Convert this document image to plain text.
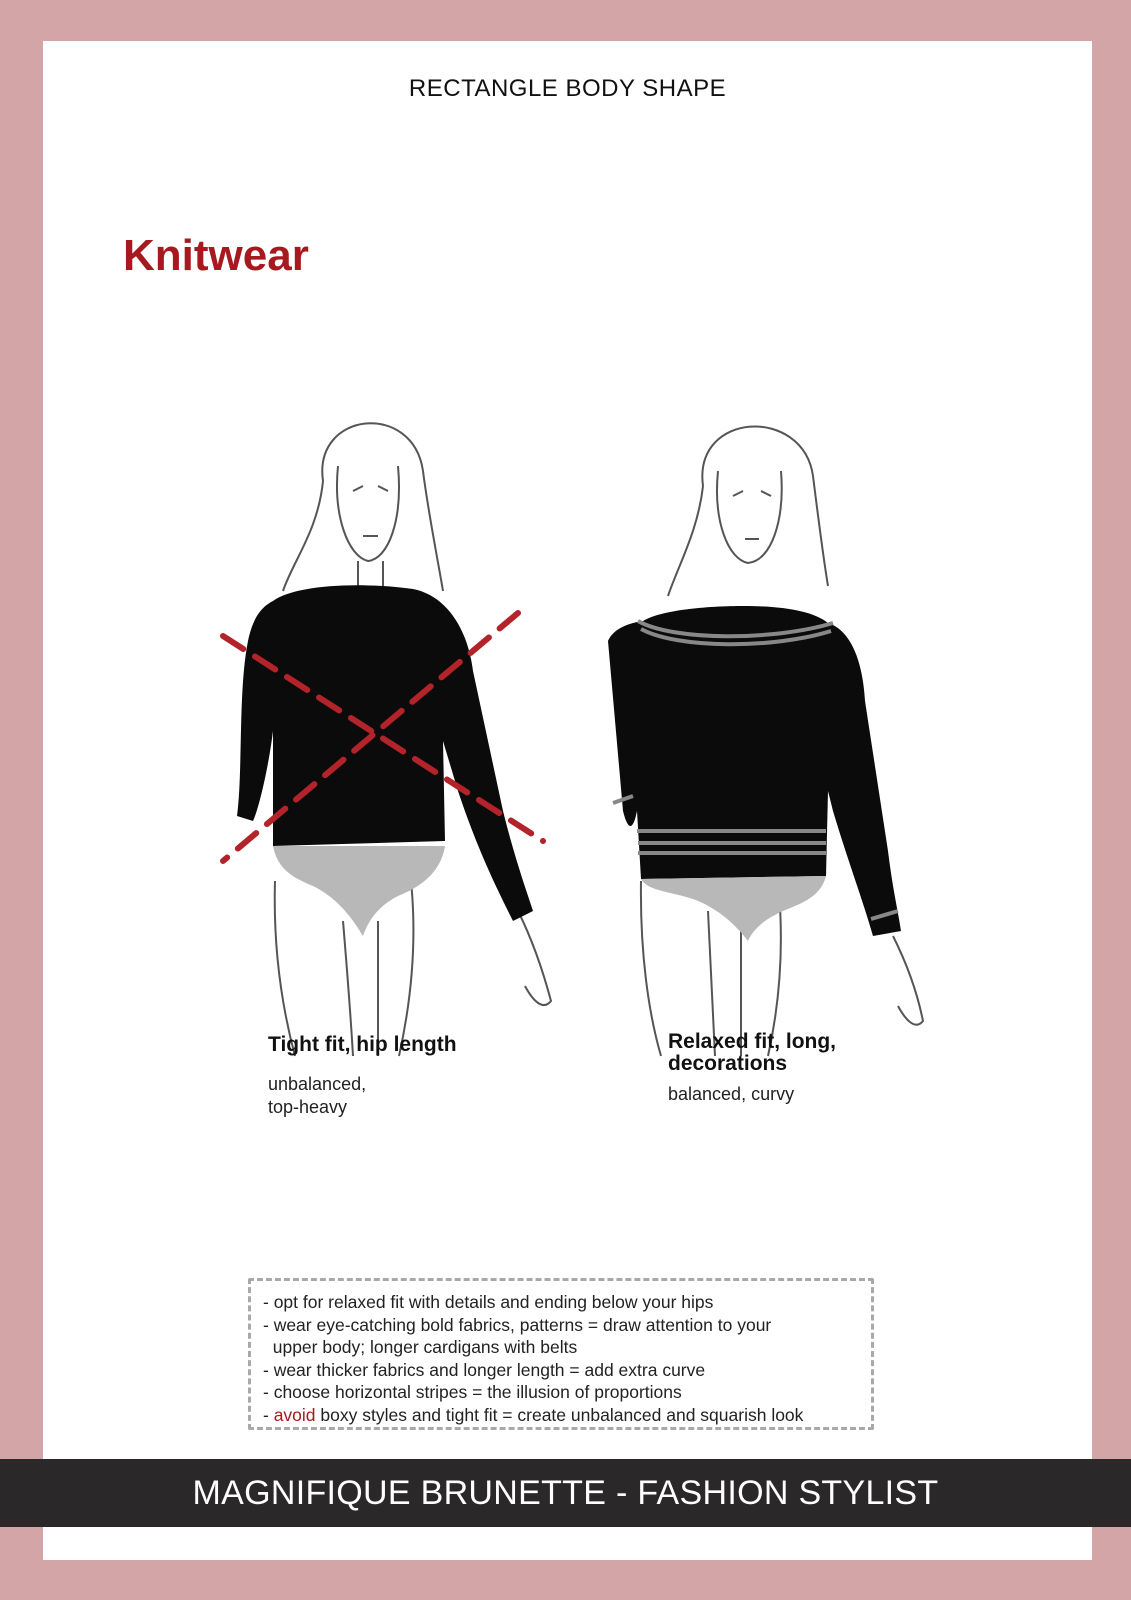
RECTANGLE BODY SHAPE
Knitwear
Tight fit, hip length
unbalanced,
top-heavy
Relaxed fit, long,
decorations
balanced, curvy
- opt for relaxed fit with details and ending below your hips
- wear eye-catching bold fabrics, patterns = draw attention to your
upper body; longer cardigans with belts
- wear thicker fabrics and longer length = add extra curve
- choose horizontal stripes = the illusion of proportions
- avoid boxy styles and tight fit = create unbalanced and squarish look
MAGNIFIQUE BRUNETTE - FASHION STYLIST
